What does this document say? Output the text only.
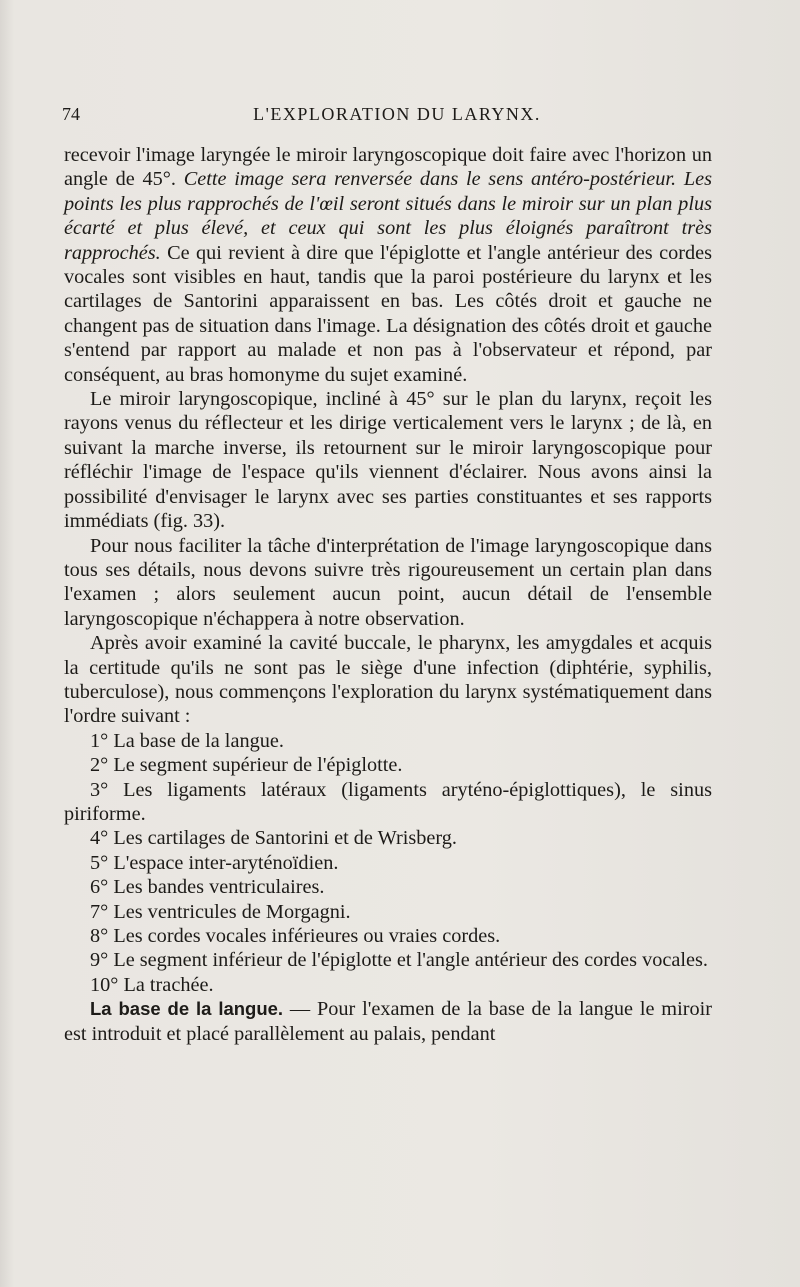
74	L'EXPLORATION DU LARYNX.

recevoir l'image laryngée le miroir laryngoscopique doit faire avec l'horizon un angle de 45°. Cette image sera renversée dans le sens antéro-postérieur. Les points les plus rapprochés de l'œil seront situés dans le miroir sur un plan plus écarté et plus élevé, et ceux qui sont les plus éloignés paraîtront très rapprochés. Ce qui revient à dire que l'épiglotte et l'angle antérieur des cordes vocales sont visibles en haut, tandis que la paroi postérieure du larynx et les cartilages de Santorini apparaissent en bas. Les côtés droit et gauche ne changent pas de situation dans l'image. La désignation des côtés droit et gauche s'entend par rapport au malade et non pas à l'observateur et répond, par conséquent, au bras homonyme du sujet examiné.

Le miroir laryngoscopique, incliné à 45° sur le plan du larynx, reçoit les rayons venus du réflecteur et les dirige verticalement vers le larynx ; de là, en suivant la marche inverse, ils retournent sur le miroir laryngoscopique pour réfléchir l'image de l'espace qu'ils viennent d'éclairer. Nous avons ainsi la possibilité d'envisager le larynx avec ses parties constituantes et ses rapports immédiats (fig. 33).

Pour nous faciliter la tâche d'interprétation de l'image laryngoscopique dans tous ses détails, nous devons suivre très rigoureusement un certain plan dans l'examen ; alors seulement aucun point, aucun détail de l'ensemble laryngoscopique n'échappera à notre observation.

Après avoir examiné la cavité buccale, le pharynx, les amygdales et acquis la certitude qu'ils ne sont pas le siège d'une infection (diphtérie, syphilis, tuberculose), nous commençons l'exploration du larynx systématiquement dans l'ordre suivant :

1° La base de la langue.

2° Le segment supérieur de l'épiglotte.

3° Les ligaments latéraux (ligaments aryténo-épiglottiques), le sinus piriforme.

4° Les cartilages de Santorini et de Wrisberg.

5° L'espace inter-aryténoïdien.

6° Les bandes ventriculaires.

7° Les ventricules de Morgagni.

8° Les cordes vocales inférieures ou vraies cordes.

9° Le segment inférieur de l'épiglotte et l'angle antérieur des cordes vocales.

10° La trachée.

La base de la langue. — Pour l'examen de la base de la langue le miroir est introduit et placé parallèlement au palais, pendant
